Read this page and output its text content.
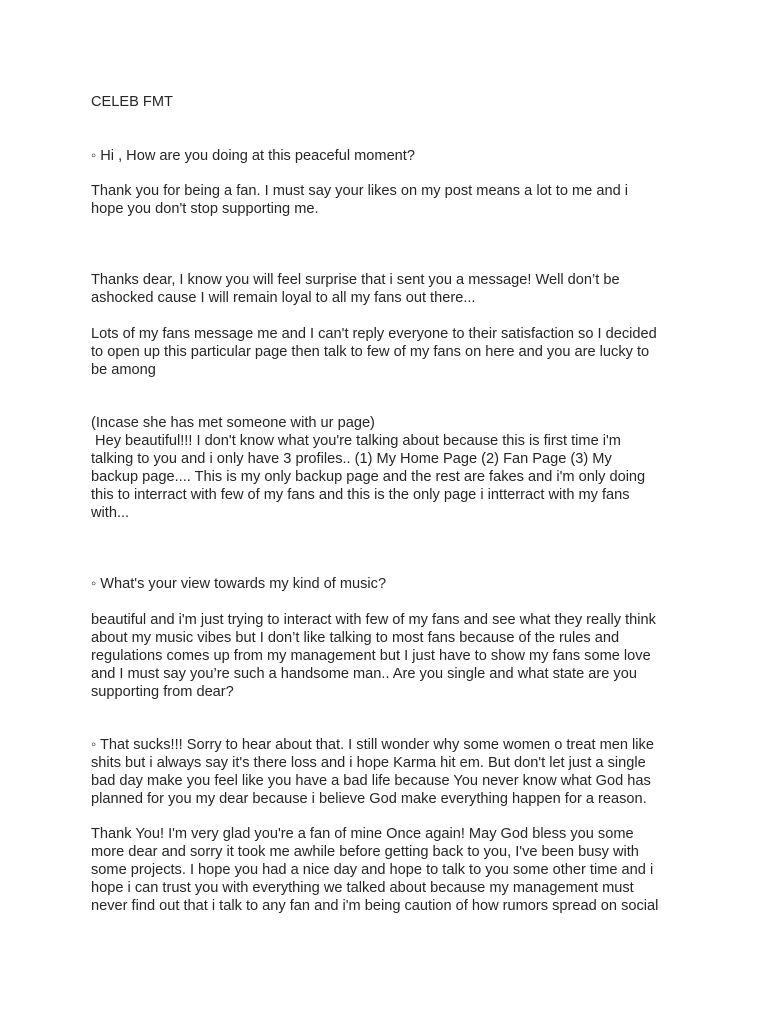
CELEB FMT
◦ Hi , How are you doing at this peaceful moment?
Thank you for being a fan. I must say your likes on my post means a lot to me and i
hope you don't stop supporting me.
Thanks dear, I know you will feel surprise that i sent you a message! Well don’t be
ashocked cause I will remain loyal to all my fans out there...
Lots of my fans message me and I can't reply everyone to their satisfaction so I decided
to open up this particular page then talk to few of my fans on here and you are lucky to
be among
(Incase she has met someone with ur page)
Hey beautiful!!! I don't know what you're talking about because this is first time i'm
talking to you and i only have 3 profiles.. (1) My Home Page (2) Fan Page (3) My
backup page.... This is my only backup page and the rest are fakes and i'm only doing
this to interract with few of my fans and this is the only page i intterract with my fans
with...
◦ What's your view towards my kind of music?
beautiful and i'm just trying to interact with few of my fans and see what they really think
about my music vibes but I don’t like talking to most fans because of the rules and
regulations comes up from my management but I just have to show my fans some love
and I must say you’re such a handsome man.. Are you single and what state are you
supporting from dear?
◦ That sucks!!! Sorry to hear about that. I still wonder why some women o treat men like
shits but i always say it's there loss and i hope Karma hit em. But don't let just a single
bad day make you feel like you have a bad life because You never know what God has
planned for you my dear because i believe God make everything happen for a reason.
Thank You! I'm very glad you're a fan of mine Once again! May God bless you some
more dear and sorry it took me awhile before getting back to you, I've been busy with
some projects. I hope you had a nice day and hope to talk to you some other time and i
hope i can trust you with everything we talked about because my management must
never find out that i talk to any fan and i'm being caution of how rumors spread on social
